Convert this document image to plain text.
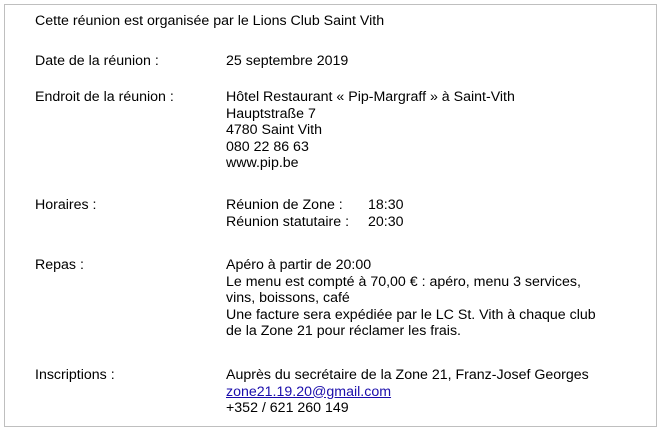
Cette réunion est organisée par le Lions Club Saint Vith
Date de la réunion :	25 septembre 2019
Endroit de la réunion :	Hôtel Restaurant « Pip-Margraff » à Saint-Vith
Hauptstraße 7
4780 Saint Vith
080 22 86 63
www.pip.be
Horaires :	Réunion de Zone : 18:30
Réunion statutaire : 20:30
Repas :	Apéro à partir de 20:00
Le menu est compté à 70,00 € : apéro, menu 3 services,
vins, boissons, café
Une facture sera expédiée par le LC St. Vith à chaque club
de la Zone 21 pour réclamer les frais.
Inscriptions :	Auprès du secrétaire de la Zone 21, Franz-Josef Georges
zone21.19.20@gmail.com
+352 / 621 260 149
